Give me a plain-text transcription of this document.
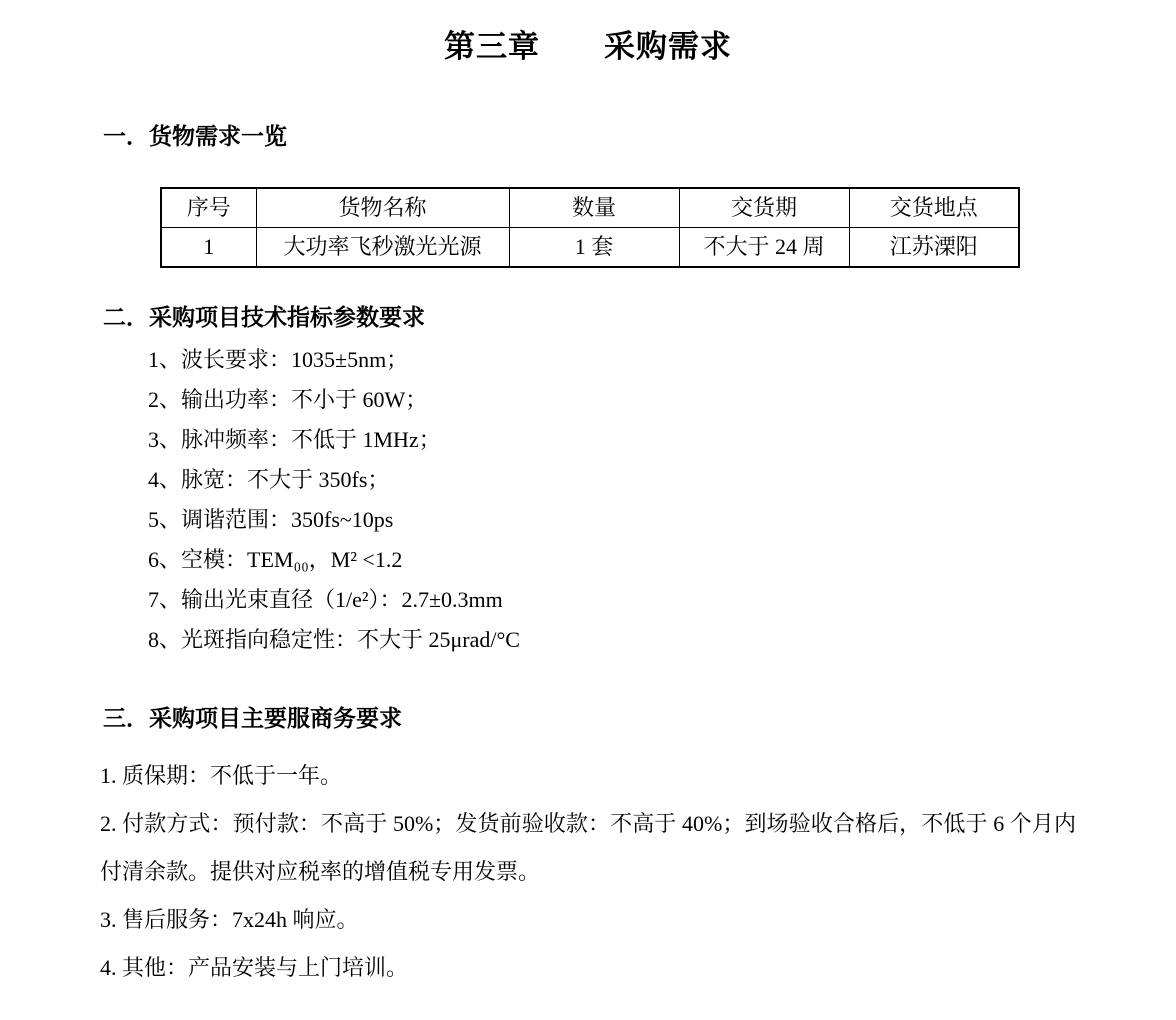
第三章　　采购需求
一．货物需求一览
序号	货物名称	数量	交货期	交货地点
1	大功率飞秒激光光源	1 套	不大于 24 周	江苏溧阳
二．采购项目技术指标参数要求
1、波长要求：1035±5nm；
2、输出功率：不小于 60W；
3、脉冲频率：不低于 1MHz；
4、脉宽：不大于 350fs；
5、调谐范围：350fs~10ps
6、空模：TEM₀₀，M² <1.2
7、输出光束直径（1/e²）：2.7±0.3mm
8、光斑指向稳定性：不大于 25μrad/°C
三．采购项目主要服商务要求

1. 质保期：不低于一年。

2. 付款方式：预付款：不高于 50%；发货前验收款：不高于 40%；到场验收合格后，不低于 6 个月内付清余款。提供对应税率的增值税专用发票。

3. 售后服务：7x24h 响应。

4. 其他：产品安装与上门培训。
